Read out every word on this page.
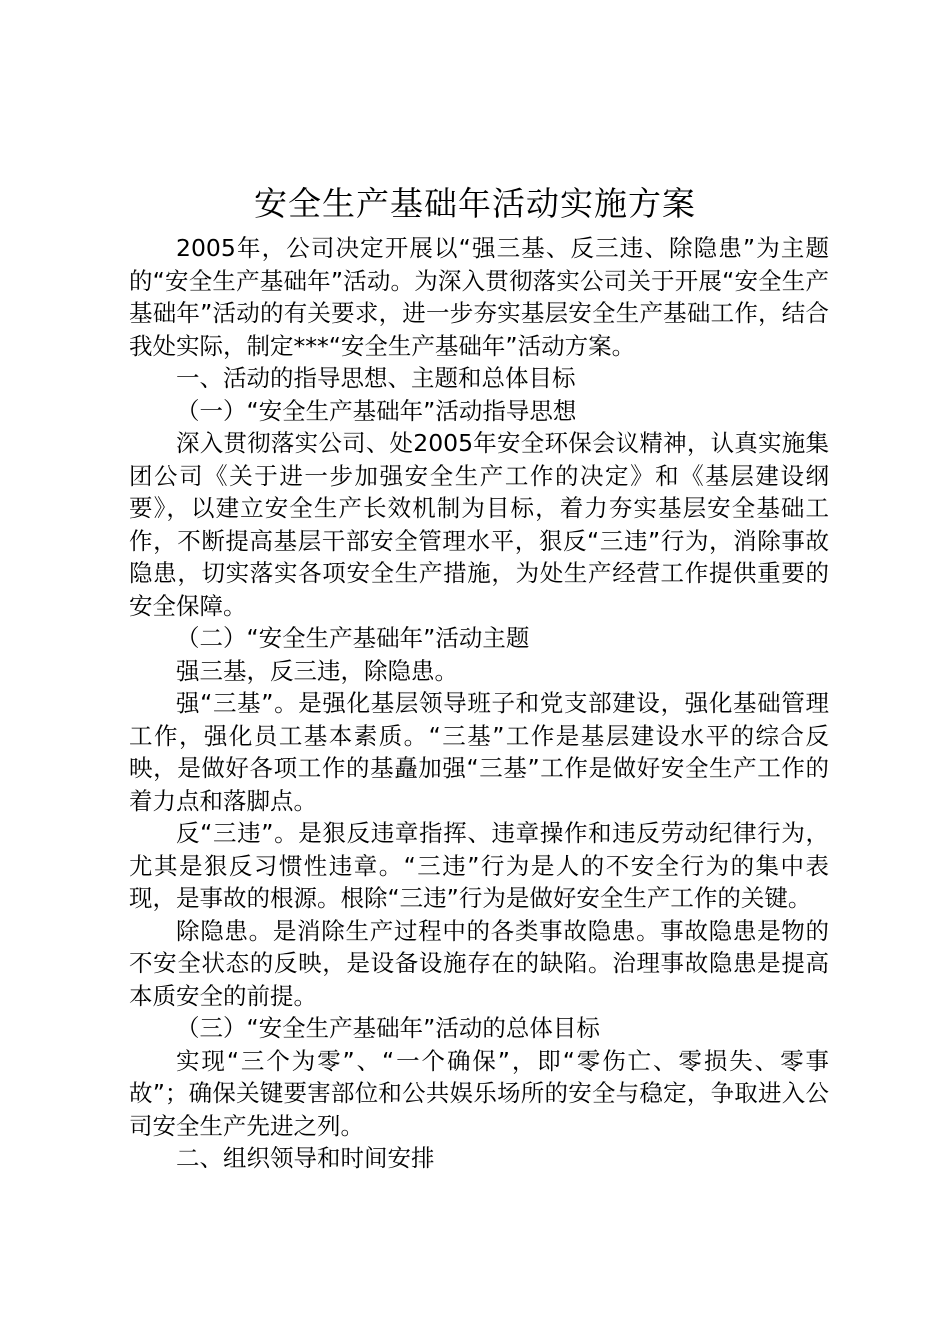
安全生产基础年活动实施方案

2005年，公司决定开展以“强三基、反三违、除隐患”为主题的“安全生产基础年”活动。为深入贯彻落实公司关于开展“安全生产基础年”活动的有关要求，进一步夯实基层安全生产基础工作，结合我处实际，制定***“安全生产基础年”活动方案。

一、活动的指导思想、主题和总体目标

（一）“安全生产基础年”活动指导思想

深入贯彻落实公司、处2005年安全环保会议精神，认真实施集团公司《关于进一步加强安全生产工作的决定》和《基层建设纲要》，以建立安全生产长效机制为目标，着力夯实基层安全基础工作，不断提高基层干部安全管理水平，狠反“三违”行为，消除事故隐患，切实落实各项安全生产措施，为处生产经营工作提供重要的安全保障。

（二）“安全生产基础年”活动主题

强三基，反三违，除隐患。

强“三基”。是强化基层领导班子和党支部建设，强化基础管理工作，强化员工基本素质。“三基”工作是基层建设水平的综合反映，是做好各项工作的基矗加强“三基”工作是做好安全生产工作的着力点和落脚点。

反“三违”。是狠反违章指挥、违章操作和违反劳动纪律行为，尤其是狠反习惯性违章。“三违”行为是人的不安全行为的集中表现，是事故的根源。根除“三违”行为是做好安全生产工作的关键。

除隐患。是消除生产过程中的各类事故隐患。事故隐患是物的不安全状态的反映，是设备设施存在的缺陷。治理事故隐患是提高本质安全的前提。

（三）“安全生产基础年”活动的总体目标

实现“三个为零”、“一个确保”，即“零伤亡、零损失、零事故”；确保关键要害部位和公共娱乐场所的安全与稳定，争取进入公司安全生产先进之列。

二、组织领导和时间安排
